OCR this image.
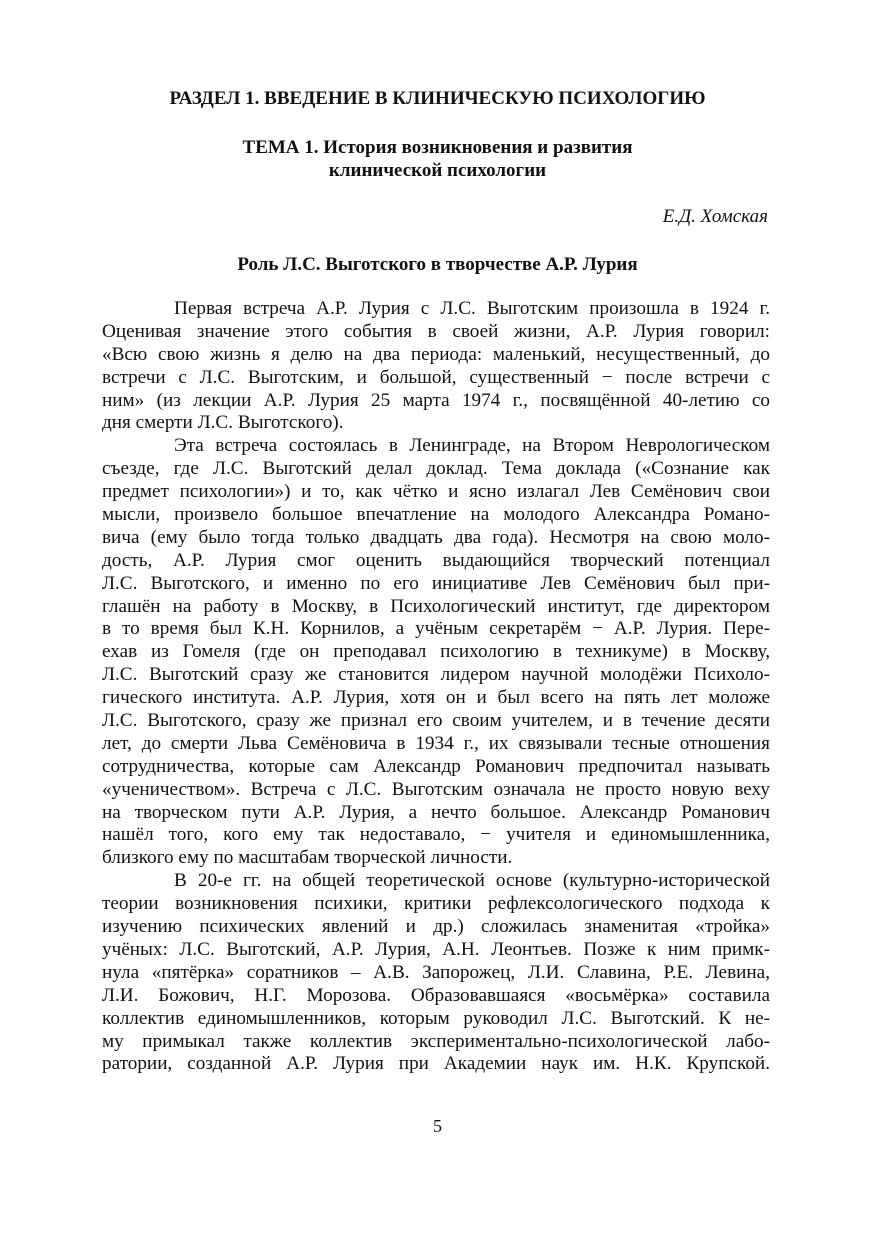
РАЗДЕЛ 1. ВВЕДЕНИЕ В КЛИНИЧЕСКУЮ ПСИХОЛОГИЮ
ТЕМА 1. История возникновения и развития
клинической психологии
Е.Д. Хомская
Роль Л.С. Выготского в творчестве А.Р. Лурия
Первая встреча А.Р. Лурия с Л.С. Выготским произошла в 1924 г.
Оценивая значение этого события в своей жизни, А.Р. Лурия говорил:
«Всю свою жизнь я делю на два периода: маленький, несущественный, до
встречи с Л.С. Выготским, и большой, существенный − после встречи с
ним» (из лекции А.Р. Лурия 25 марта 1974 г., посвящённой 40-летию со
дня смерти Л.С. Выготского).
Эта встреча состоялась в Ленинграде, на Втором Неврологическом
съезде, где Л.С. Выготский делал доклад. Тема доклада («Сознание как
предмет психологии») и то, как чётко и ясно излагал Лев Семёнович свои
мысли, произвело большое впечатление на молодого Александра Романо-
вича (ему было тогда только двадцать два года). Несмотря на свою моло-
дость, А.Р. Лурия смог оценить выдающийся творческий потенциал
Л.С. Выготского, и именно по его инициативе Лев Семёнович был при-
глашён на работу в Москву, в Психологический институт, где директором
в то время был К.Н. Корнилов, а учёным секретарём − А.Р. Лурия. Пере-
ехав из Гомеля (где он преподавал психологию в техникуме) в Москву,
Л.С. Выготский сразу же становится лидером научной молодёжи Психоло-
гического института. А.Р. Лурия, хотя он и был всего на пять лет моложе
Л.С. Выготского, сразу же признал его своим учителем, и в течение десяти
лет, до смерти Льва Семёновича в 1934 г., их связывали тесные отношения
сотрудничества, которые сам Александр Романович предпочитал называть
«ученичеством». Встреча с Л.С. Выготским означала не просто новую веху
на творческом пути А.Р. Лурия, а нечто большое. Александр Романович
нашёл того, кого ему так недоставало, − учителя и единомышленника,
близкого ему по масштабам творческой личности.
В 20-е гг. на общей теоретической основе (культурно-исторической
теории возникновения психики, критики рефлексологического подхода к
изучению психических явлений и др.) сложилась знаменитая «тройка»
учёных: Л.С. Выготский, А.Р. Лурия, А.Н. Леонтьев. Позже к ним примк-
нула «пятёрка» соратников – А.В. Запорожец, Л.И. Славина, Р.Е. Левина,
Л.И. Божович, Н.Г. Морозова. Образовавшаяся «восьмёрка» составила
коллектив единомышленников, которым руководил Л.С. Выготский. К не-
му примыкал также коллектив экспериментально-психологической лабо-
ратории, созданной А.Р. Лурия при Академии наук им. Н.К. Крупской.
5
